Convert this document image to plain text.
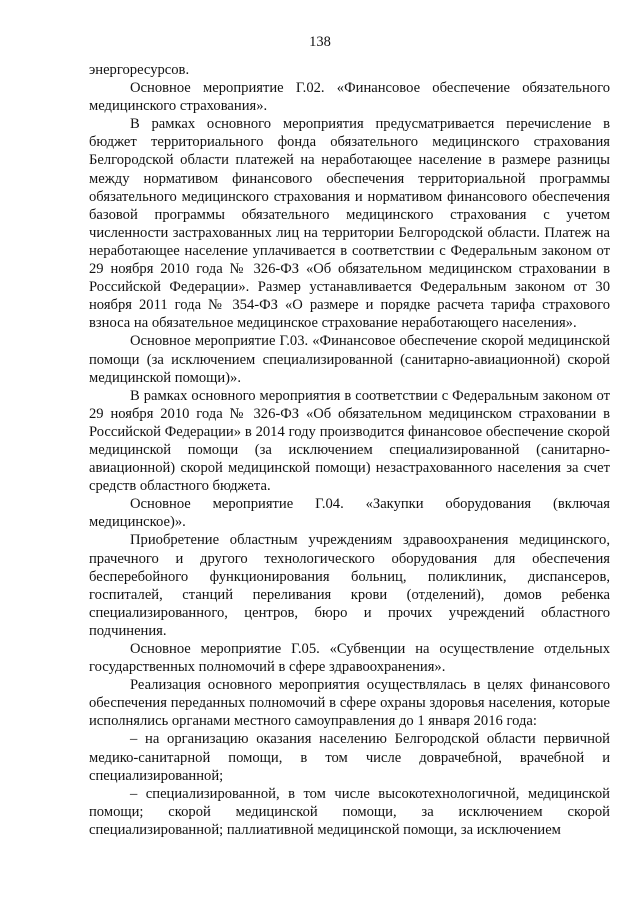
138

энергоресурсов.

Основное мероприятие Г.02. «Финансовое обеспечение обязательного медицинского страхования».

В рамках основного мероприятия предусматривается перечисление в бюджет территориального фонда обязательного медицинского страхования Белгородской области платежей на неработающее население в размере разницы между нормативом финансового обеспечения территориальной программы обязательного медицинского страхования и нормативом финансового обеспечения базовой программы обязательного медицинского страхования с учетом численности застрахованных лиц на территории Белгородской области. Платеж на неработающее население уплачивается в соответствии с Федеральным законом от 29 ноября 2010 года № 326-ФЗ «Об обязательном медицинском страховании в Российской Федерации». Размер устанавливается Федеральным законом от 30 ноября 2011 года № 354-ФЗ «О размере и порядке расчета тарифа страхового взноса на обязательное медицинское страхование неработающего населения».

Основное мероприятие Г.03. «Финансовое обеспечение скорой медицинской помощи (за исключением специализированной (санитарно-авиационной) скорой медицинской помощи)».

В рамках основного мероприятия в соответствии с Федеральным законом от 29 ноября 2010 года № 326-ФЗ «Об обязательном медицинском страховании в Российской Федерации» в 2014 году производится финансовое обеспечение скорой медицинской помощи (за исключением специализированной (санитарно-авиационной) скорой медицинской помощи) незастрахованного населения за счет средств областного бюджета.

Основное мероприятие Г.04. «Закупки оборудования (включая медицинское)».

Приобретение областным учреждениям здравоохранения медицинского, прачечного и другого технологического оборудования для обеспечения бесперебойного функционирования больниц, поликлиник, диспансеров, госпиталей, станций переливания крови (отделений), домов ребенка специализированного, центров, бюро и прочих учреждений областного подчинения.

Основное мероприятие Г.05. «Субвенции на осуществление отдельных государственных полномочий в сфере здравоохранения».

Реализация основного мероприятия осуществлялась в целях финансового обеспечения переданных полномочий в сфере охраны здоровья населения, которые исполнялись органами местного самоуправления до 1 января 2016 года:

– на организацию оказания населению Белгородской области первичной медико-санитарной помощи, в том числе доврачебной, врачебной и специализированной;

– специализированной, в том числе высокотехнологичной, медицинской помощи; скорой медицинской помощи, за исключением скорой специализированной; паллиативной медицинской помощи, за исключением
